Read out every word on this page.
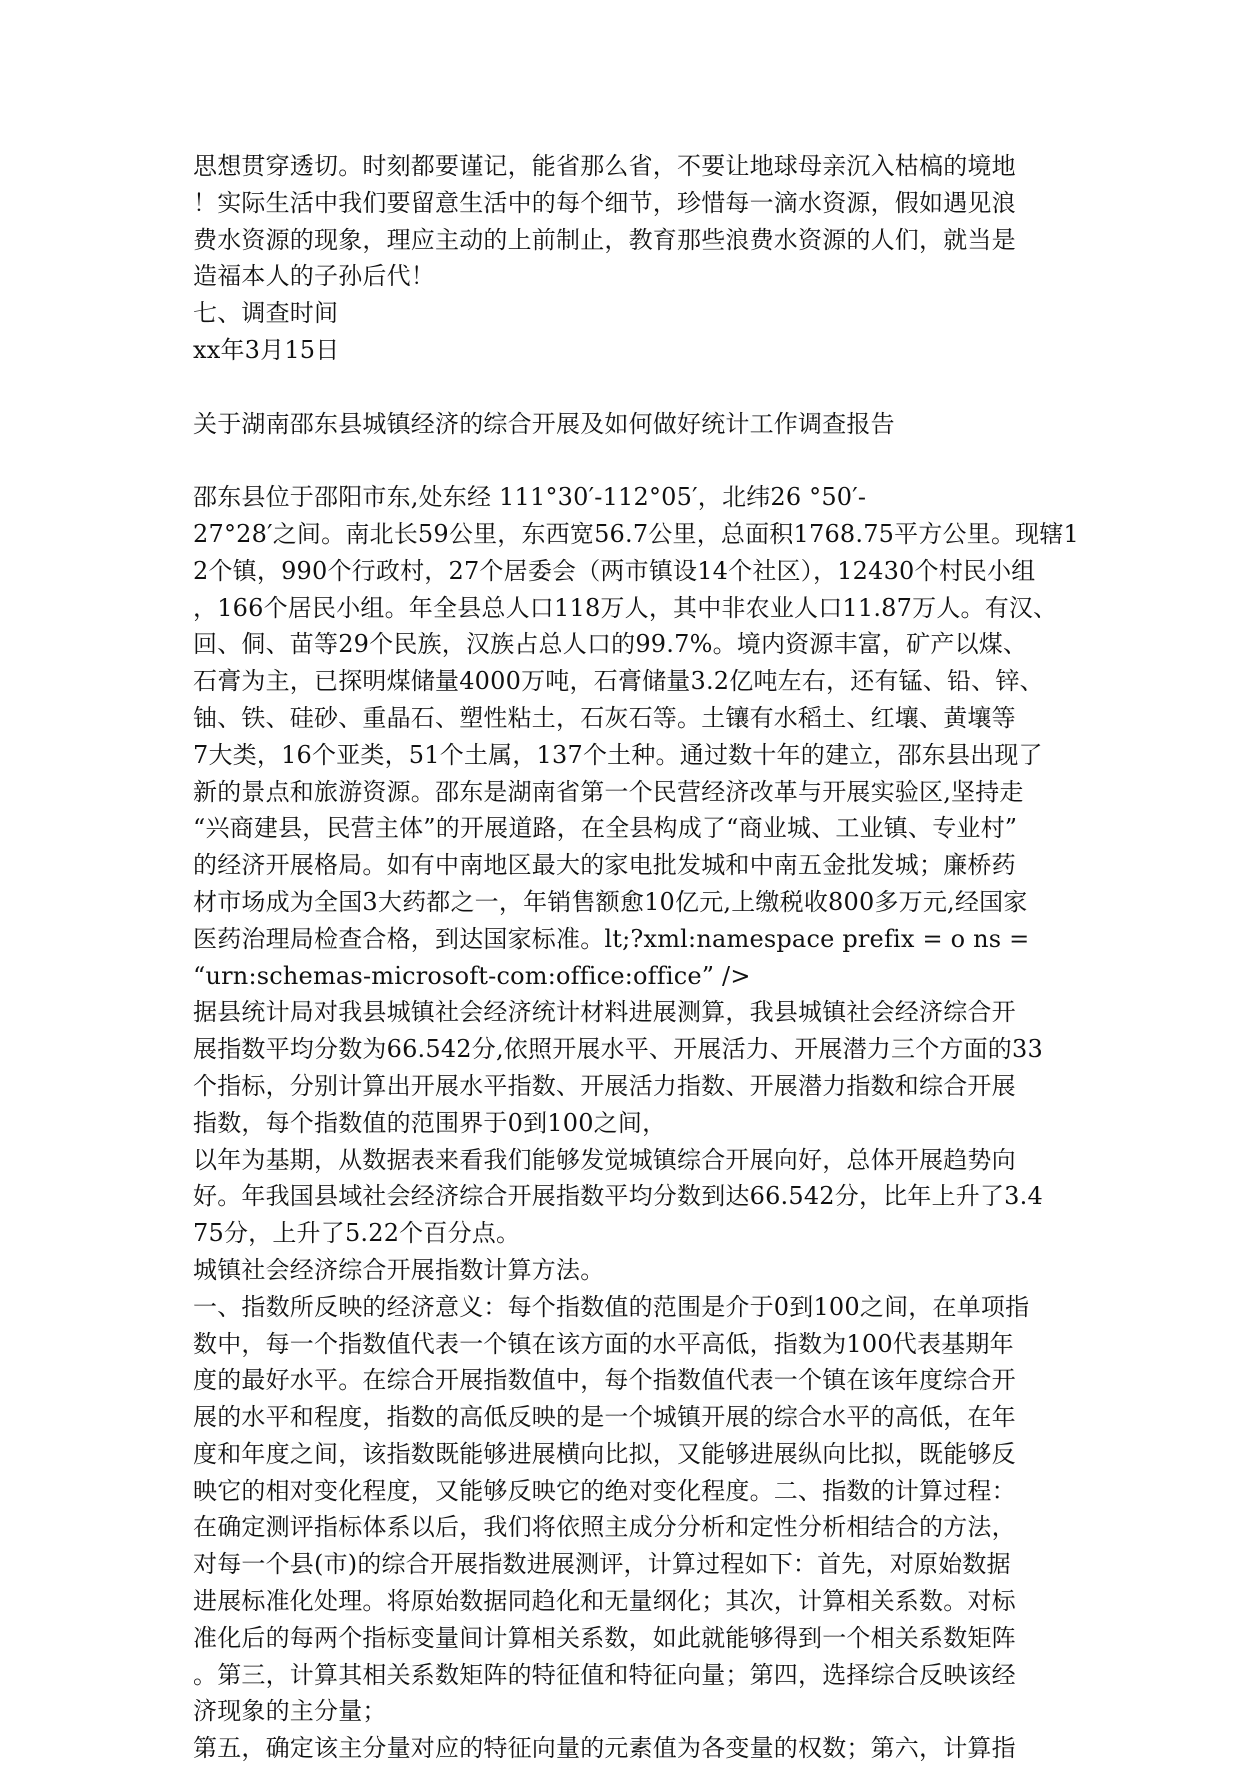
思想贯穿透切。时刻都要谨记，能省那么省，不要让地球母亲沉入枯槁的境地
！实际生活中我们要留意生活中的每个细节，珍惜每一滴水资源，假如遇见浪
费水资源的现象，理应主动的上前制止，教育那些浪费水资源的人们，就当是
造福本人的子孙后代！
七、调查时间
xx年3月15日
关于湖南邵东县城镇经济的综合开展及如何做好统计工作调查报告
邵东县位于邵阳市东,处东经 111°30′-112°05′，北纬26 °50′-
27°28′之间。南北长59公里，东西宽56.7公里，总面积1768.75平方公里。现辖1
2个镇，990个行政村，27个居委会（两市镇设14个社区），12430个村民小组
，166个居民小组。年全县总人口118万人，其中非农业人口11.87万人。有汉、
回、侗、苗等29个民族，汉族占总人口的99.7%。境内资源丰富，矿产以煤、
石膏为主，已探明煤储量4000万吨，石膏储量3.2亿吨左右，还有锰、铅、锌、
铀、铁、硅砂、重晶石、塑性粘土，石灰石等。土镶有水稻土、红壤、黄壤等
7大类，16个亚类，51个土属，137个土种。通过数十年的建立，邵东县出现了
新的景点和旅游资源。邵东是湖南省第一个民营经济改革与开展实验区,坚持走
“兴商建县，民营主体”的开展道路，在全县构成了“商业城、工业镇、专业村”
的经济开展格局。如有中南地区最大的家电批发城和中南五金批发城；廉桥药
材市场成为全国3大药都之一，年销售额愈10亿元,上缴税收800多万元,经国家
医药治理局检查合格，到达国家标准。lt;?xml:namespace prefix = o ns =
“urn:schemas-microsoft-com:office:office” />
据县统计局对我县城镇社会经济统计材料进展测算，我县城镇社会经济综合开
展指数平均分数为66.542分,依照开展水平、开展活力、开展潜力三个方面的33
个指标，分别计算出开展水平指数、开展活力指数、开展潜力指数和综合开展
指数，每个指数值的范围界于0到100之间，
以年为基期，从数据表来看我们能够发觉城镇综合开展向好，总体开展趋势向
好。年我国县域社会经济综合开展指数平均分数到达66.542分，比年上升了3.4
75分，上升了5.22个百分点。
城镇社会经济综合开展指数计算方法。
一、指数所反映的经济意义：每个指数值的范围是介于0到100之间，在单项指
数中，每一个指数值代表一个镇在该方面的水平高低，指数为100代表基期年
度的最好水平。在综合开展指数值中，每个指数值代表一个镇在该年度综合开
展的水平和程度，指数的高低反映的是一个城镇开展的综合水平的高低，在年
度和年度之间，该指数既能够进展横向比拟，又能够进展纵向比拟，既能够反
映它的相对变化程度，又能够反映它的绝对变化程度。二、指数的计算过程：
在确定测评指标体系以后，我们将依照主成分分析和定性分析相结合的方法，
对每一个县(市)的综合开展指数进展测评，计算过程如下：首先，对原始数据
进展标准化处理。将原始数据同趋化和无量纲化；其次，计算相关系数。对标
准化后的每两个指标变量间计算相关系数，如此就能够得到一个相关系数矩阵
。第三，计算其相关系数矩阵的特征值和特征向量；第四，选择综合反映该经
济现象的主分量；
第五，确定该主分量对应的特征向量的元素值为各变量的权数；第六，计算指
